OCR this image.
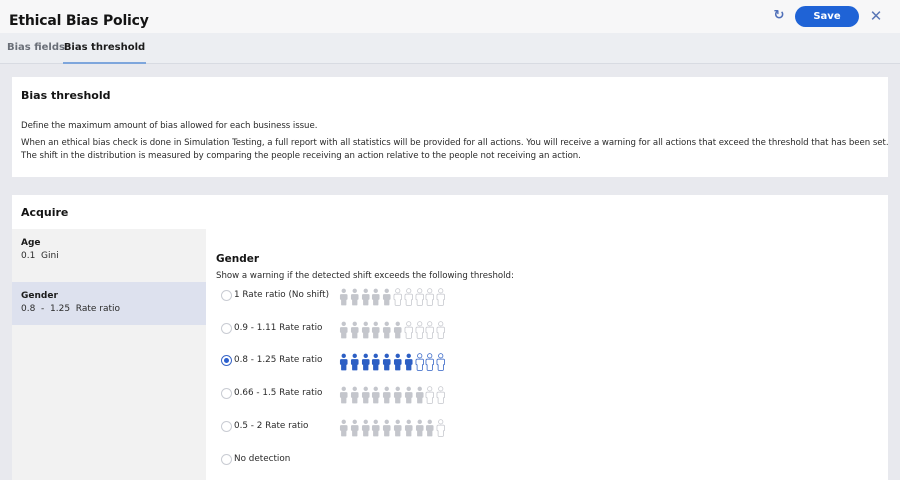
Ethical Bias Policy	↻	Save	✕
Bias fields
Bias threshold
Bias threshold

Define the maximum amount of bias allowed for each business issue.

When an ethical bias check is done in Simulation Testing, a full report with all statistics will be provided for all actions. You will receive a warning for all actions that exceed the threshold that has been set.

The shift in the distribution is measured by comparing the people receiving an action relative to the people not receiving an action.

Acquire
Age
0.1  Gini
Gender
0.8  -  1.25  Rate ratio
Gender
Show a warning if the detected shift exceeds the following threshold:
1 Rate ratio (No shift)
0.9 - 1.11 Rate ratio
0.8 - 1.25 Rate ratio
0.66 - 1.5 Rate ratio
0.5 - 2 Rate ratio
No detection
